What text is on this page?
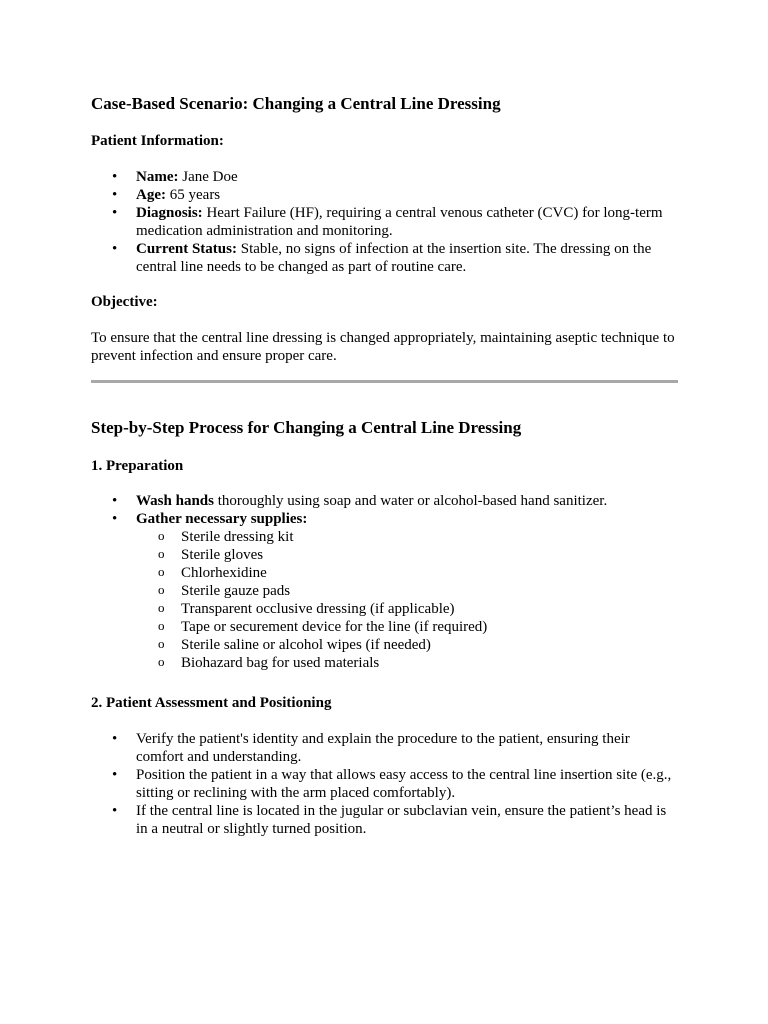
Case-Based Scenario: Changing a Central Line Dressing
Patient Information:
•	Name: Jane Doe
•	Age: 65 years
•	Diagnosis: Heart Failure (HF), requiring a central venous catheter (CVC) for long-term medication administration and monitoring.
•	Current Status: Stable, no signs of infection at the insertion site. The dressing on the central line needs to be changed as part of routine care.
Objective:

To ensure that the central line dressing is changed appropriately, maintaining aseptic technique to prevent infection and ensure proper care.

Step-by-Step Process for Changing a Central Line Dressing
1. Preparation
•	Wash hands thoroughly using soap and water or alcohol-based hand sanitizer.
•	Gather necessary supplies:
o Sterile dressing kit
o Sterile gloves
o Chlorhexidine
o Sterile gauze pads
o Transparent occlusive dressing (if applicable)
o Tape or securement device for the line (if required)
o Sterile saline or alcohol wipes (if needed)
o Biohazard bag for used materials
2. Patient Assessment and Positioning
•	Verify the patient's identity and explain the procedure to the patient, ensuring their comfort and understanding.
•	Position the patient in a way that allows easy access to the central line insertion site (e.g., sitting or reclining with the arm placed comfortably).
•	If the central line is located in the jugular or subclavian vein, ensure the patient’s head is in a neutral or slightly turned position.
